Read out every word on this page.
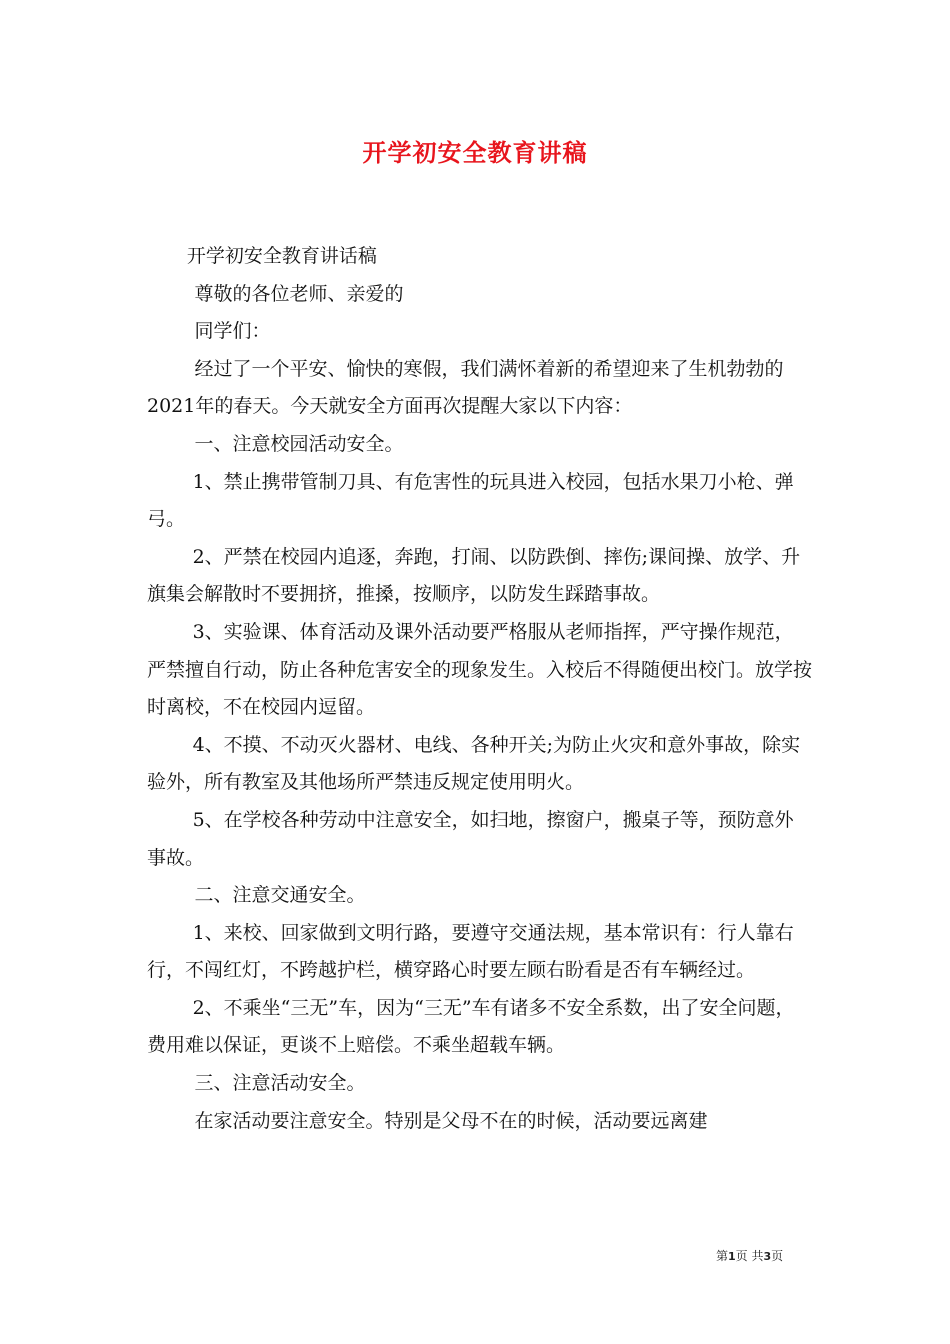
开学初安全教育讲稿

开学初安全教育讲话稿

尊敬的各位老师、亲爱的

同学们：

经过了一个平安、愉快的寒假，我们满怀着新的希望迎来了生机勃勃的2021年的春天。今天就安全方面再次提醒大家以下内容：

一、注意校园活动安全。

1、禁止携带管制刀具、有危害性的玩具进入校园，包括水果刀小枪、弹弓。

2、严禁在校园内追逐，奔跑，打闹、以防跌倒、摔伤;课间操、放学、升旗集会解散时不要拥挤，推搡，按顺序，以防发生踩踏事故。

3、实验课、体育活动及课外活动要严格服从老师指挥，严守操作规范，严禁擅自行动，防止各种危害安全的现象发生。入校后不得随便出校门。放学按时离校，不在校园内逗留。

4、不摸、不动灭火器材、电线、各种开关;为防止火灾和意外事故，除实验外，所有教室及其他场所严禁违反规定使用明火。

5、在学校各种劳动中注意安全，如扫地，擦窗户，搬桌子等，预防意外事故。

二、注意交通安全。

1、来校、回家做到文明行路，要遵守交通法规，基本常识有：行人靠右行，不闯红灯，不跨越护栏，横穿路心时要左顾右盼看是否有车辆经过。

2、不乘坐“三无”车，因为“三无”车有诸多不安全系数，出了安全问题，费用难以保证，更谈不上赔偿。不乘坐超载车辆。

三、注意活动安全。

在家活动要注意安全。特别是父母不在的时候，活动要远离建

第1页 共3页
